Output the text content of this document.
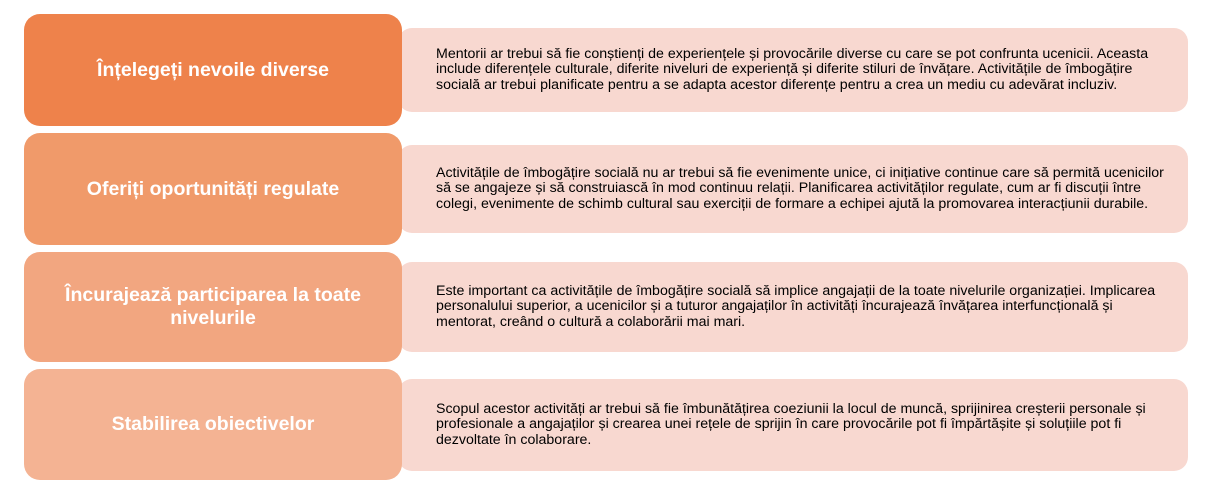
Mentorii ar trebui să fie conștienți de experiențele și provocările diverse cu care se pot confrunta ucenicii. Aceasta include diferențele culturale, diferite niveluri de experiență și diferite stiluri de învățare. Activitățile de îmbogățire socială ar trebui planificate pentru a se adapta acestor diferențe pentru a crea un mediu cu adevărat incluziv.
Înțelegeți nevoile diverse
Activitățile de îmbogățire socială nu ar trebui să fie evenimente unice, ci inițiative continue care să permită ucenicilor să se angajeze și să construiască în mod continuu relații. Planificarea activităților regulate, cum ar fi discuții între colegi, evenimente de schimb cultural sau exerciții de formare a echipei ajută la promovarea interacțiunii durabile.
Oferiți oportunități regulate
Este important ca activitățile de îmbogățire socială să implice angajații de la toate nivelurile organizației. Implicarea personalului superior, a ucenicilor și a tuturor angajaților în activități încurajează învățarea interfuncțională și mentorat, creând o cultură a colaborării mai mari.
Încurajează participarea la toate nivelurile
Scopul acestor activități ar trebui să fie îmbunătățirea coeziunii la locul de muncă, sprijinirea creșterii personale și profesionale a angajaților și crearea unei rețele de sprijin în care provocările pot fi împărtășite și soluțiile pot fi dezvoltate în colaborare.
Stabilirea obiectivelor
